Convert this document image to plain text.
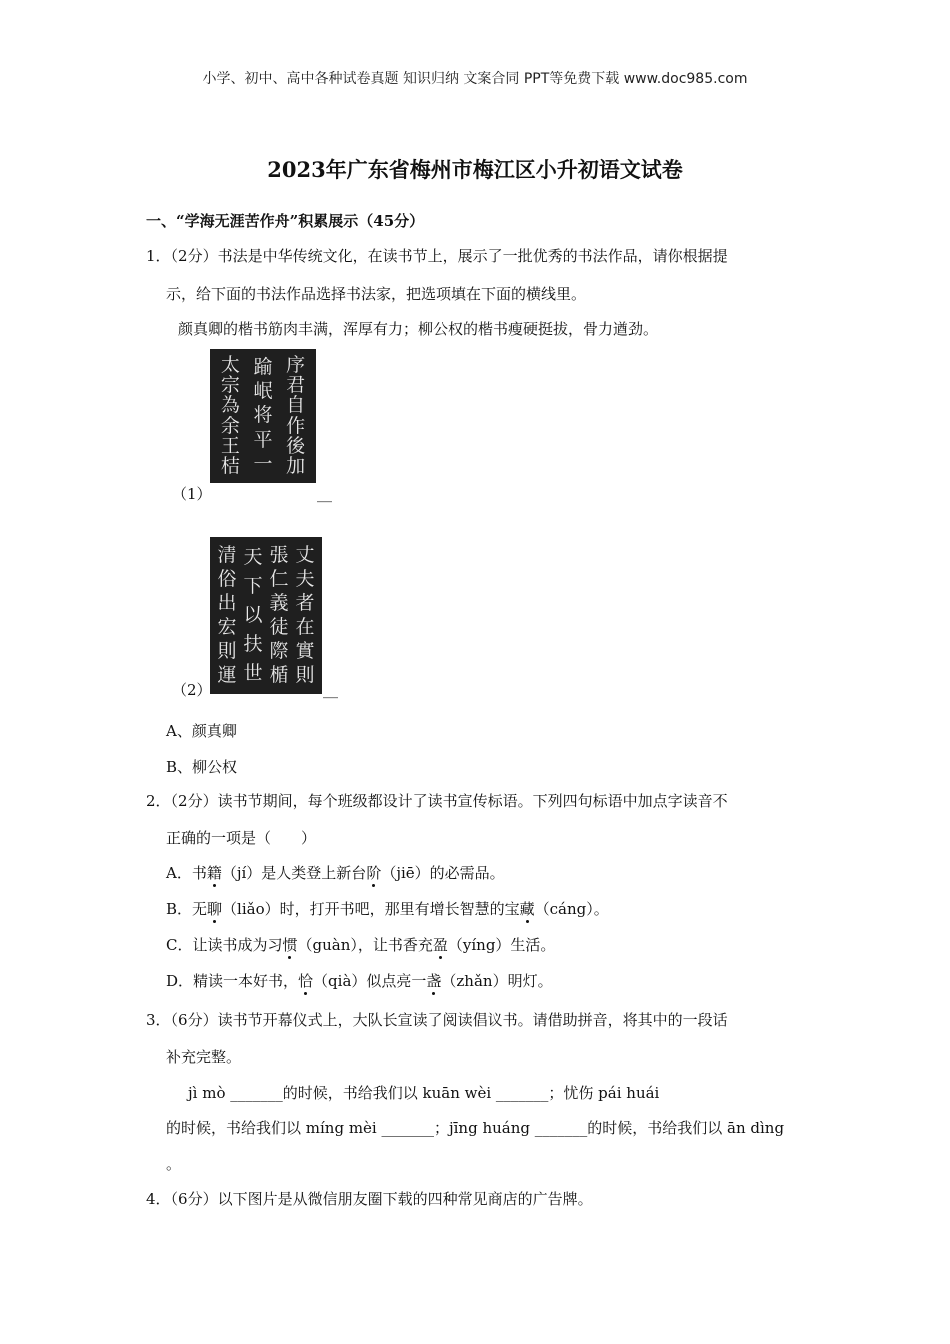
小学、初中、高中各种试卷真题 知识归纳 文案合同 PPT等免费下载 www.doc985.com
2023年广东省梅州市梅江区小升初语文试卷
一、“学海无涯苦作舟”积累展示（45分）
1．（2分）书法是中华传统文化，在读书节上，展示了一批优秀的书法作品，请你根据提
示，给下面的书法作品选择书法家，把选项填在下面的横线里。
颜真卿的楷书筋肉丰满，浑厚有力；柳公权的楷书瘦硬挺拔，骨力遒劲。
序
君
自
作
後
加
踰
岷
将
平
一
太
宗
為
余
王
桔
（1）	＿
丈
夫
者
在
實
則
張
仁
義
徒
際
楯
天
下
以
扶
世
清
俗
出
宏
則
運
（2）	＿
A、颜真卿
B、柳公权
2．（2分）读书节期间，每个班级都设计了读书宣传标语。下列四句标语中加点字读音不
正确的一项是（　　）
A．书籍（jí）是人类登上新台阶（jiē）的必需品。
B．无聊（liǎo）时，打开书吧，那里有增长智慧的宝藏（cáng）。
C．让读书成为习惯（guàn），让书香充盈（yíng）生活。
D．精读一本好书，恰（qià）似点亮一盏（zhǎn）明灯。
3．（6分）读书节开幕仪式上，大队长宣读了阅读倡议书。请借助拼音，将其中的一段话
补充完整。
jì mò _______的时候，书给我们以 kuān wèi _______；忧伤 pái huái
的时候，书给我们以 míng mèi _______；jīng huáng _______的时候，书给我们以 ān dìng
。
4．（6分）以下图片是从微信朋友圈下载的四种常见商店的广告牌。
